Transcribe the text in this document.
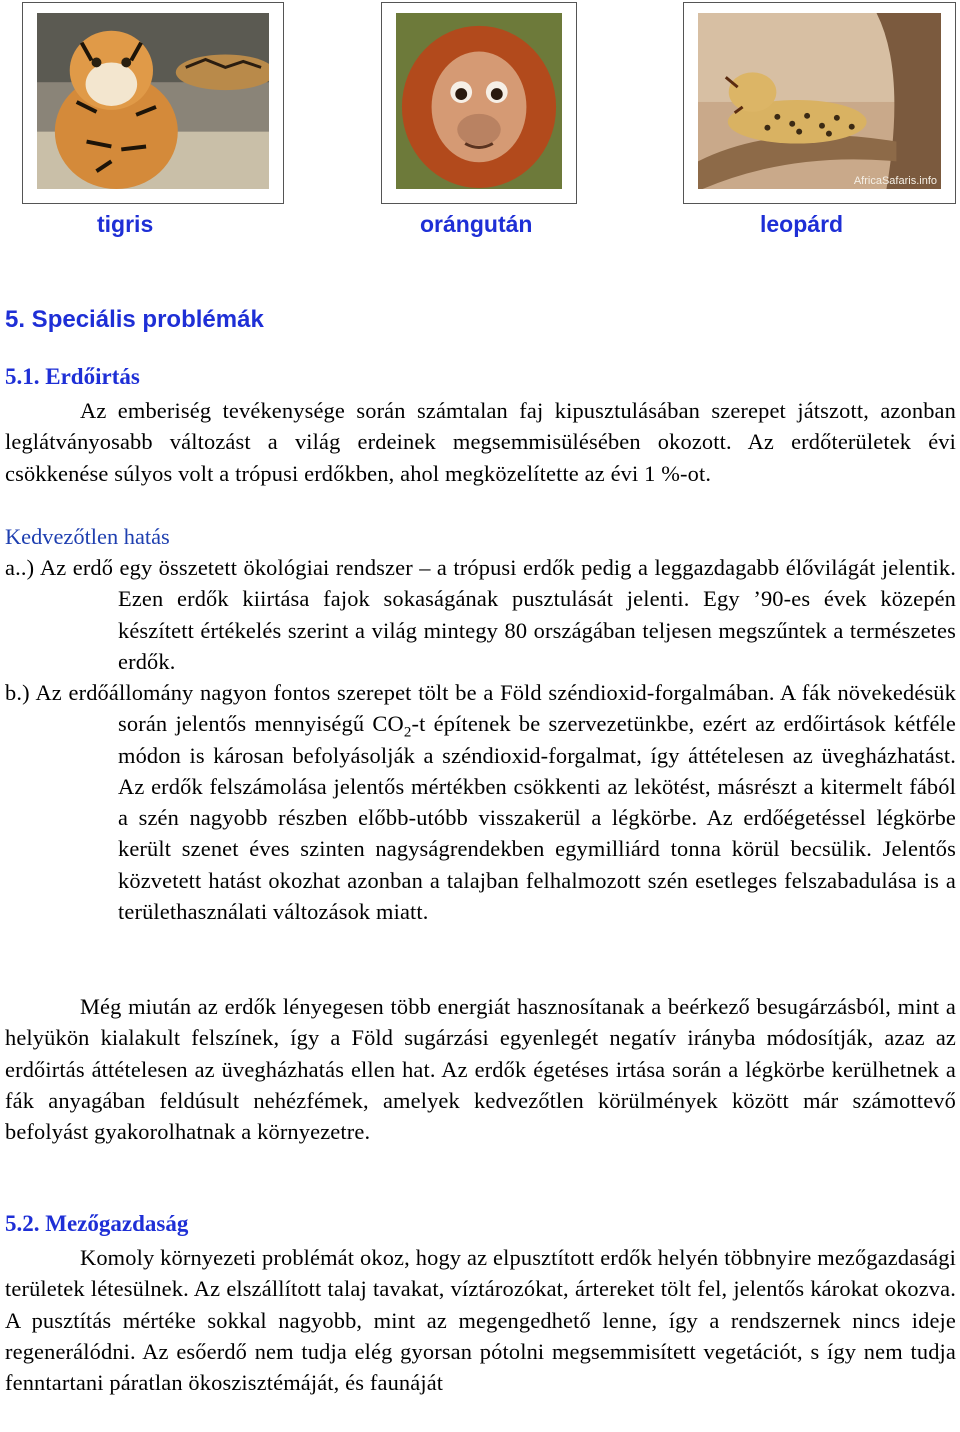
tigris	orángután
AfricaSafaris.info
leopárd
5. Speciális problémák
5.1. Erdőirtás

Az emberiség tevékenysége során számtalan faj kipusztulásában szerepet játszott, azonban leglátványosabb változást a világ erdeinek megsemmisülésében okozott. Az erdőterületek évi csökkenése súlyos volt a trópusi erdőkben, ahol megközelítette az évi 1 %-ot.

Kedvezőtlen hatás

a..) Az erdő egy összetett ökológiai rendszer – a trópusi erdők pedig a leggazdagabb élővilágát jelentik. Ezen erdők kiirtása fajok sokaságának pusztulását jelenti. Egy ’90-es évek közepén készített értékelés szerint a világ mintegy 80 országában teljesen megszűntek a természetes erdők.

b.) Az erdőállomány nagyon fontos szerepet tölt be a Föld széndioxid-forgalmában. A fák növekedésük során jelentős mennyiségű $CO_2-t$ építenek be szervezetünkbe, ezért az erdőirtások kétféle módon is károsan befolyásolják a széndioxid-forgalmat, így áttételesen az üvegházhatást. Az erdők felszámolása jelentős mértékben csökkenti az lekötést, másrészt a kitermelt fából a szén nagyobb részben előbb-utóbb visszakerül a légkörbe. Az erdőégetéssel légkörbe került szenet éves szinten nagyságrendekben egymilliárd tonna körül becsülik. Jelentős közvetett hatást okozhat azonban a talajban felhalmozott szén esetleges felszabadulása is a területhasználati változások miatt.

Még miután az erdők lényegesen több energiát hasznosítanak a beérkező besugárzásból, mint a helyükön kialakult felszínek, így a Föld sugárzási egyenlegét negatív irányba módosítják, azaz az erdőirtás áttételesen az üvegházhatás ellen hat. Az erdők égetéses irtása során a légkörbe kerülhetnek a fák anyagában feldúsult nehézfémek, amelyek kedvezőtlen körülmények között már számottevő befolyást gyakorolhatnak a környezetre.

5.2. Mezőgazdaság

Komoly környezeti problémát okoz, hogy az elpusztított erdők helyén többnyire mezőgazdasági területek létesülnek. Az elszállított talaj tavakat, víztározókat, ártereket tölt fel, jelentős károkat okozva. A pusztítás mértéke sokkal nagyobb, mint az megengedhető lenne, így a rendszernek nincs ideje regenerálódni. Az esőerdő nem tudja elég gyorsan pótolni megsemmisített vegetációt, s így nem tudja fenntartani páratlan ökoszisztémáját, és faunáját
